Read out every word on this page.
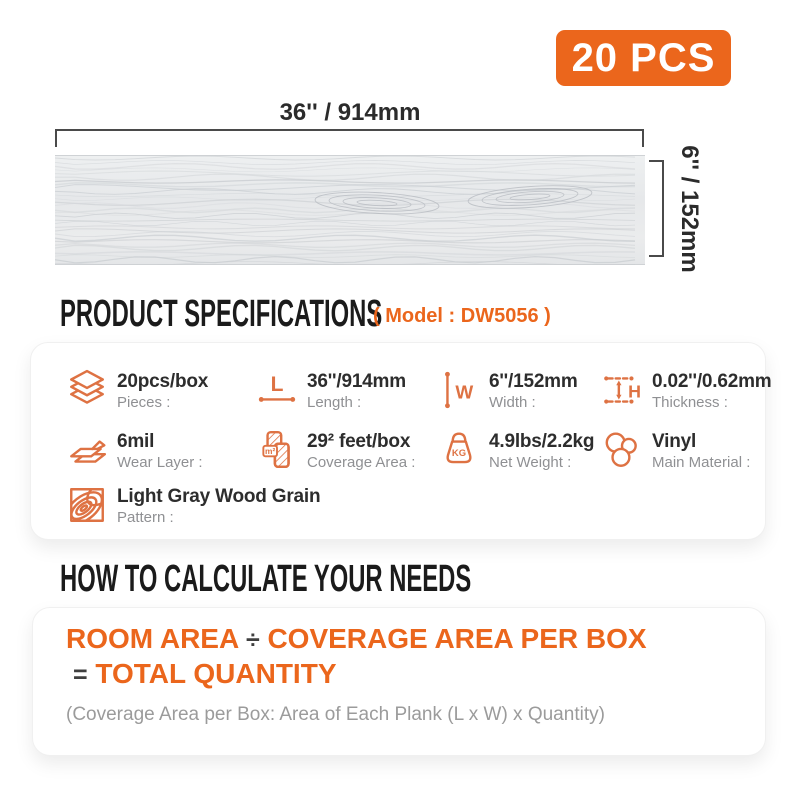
20 PCS
36'' / 914mm
6'' / 152mm
PRODUCT SPECIFICATIONS
( Model : DW5056 )
20pcs/box
Pieces :
L 36''/914mm
Length :	W
6''/152mm
Width :
H 0.02''/0.62mm
Thickness :
6mil
Wear Layer :
m² 29² feet/box
Coverage Area :
KG
4.9lbs/2.2kg
Net Weight :
Vinyl
Main Material :
Light Gray Wood Grain
Pattern :
HOW TO CALCULATE YOUR NEEDS
ROOM AREA ÷ COVERAGE AREA PER BOX
= TOTAL QUANTITY
(Coverage Area per Box: Area of Each Plank (L x W) x Quantity)
